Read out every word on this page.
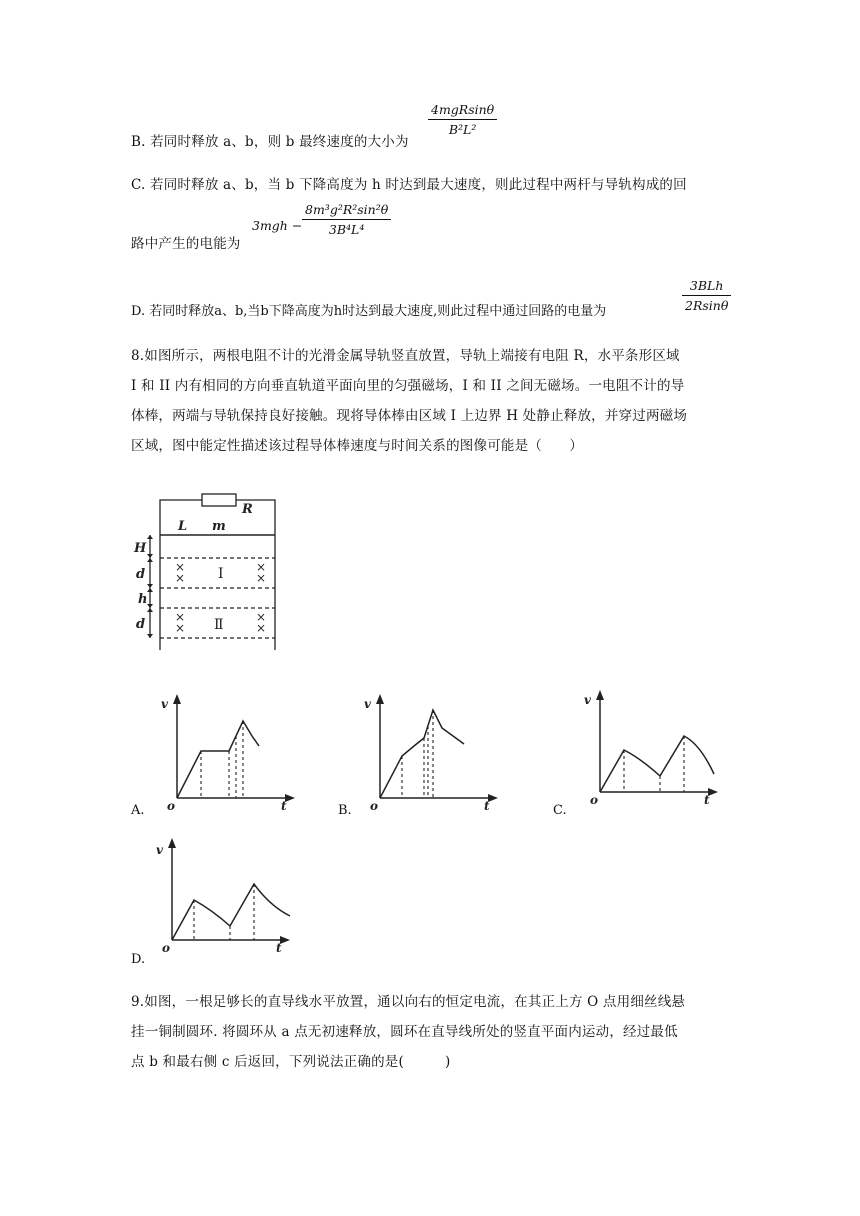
B. 若同时释放 a、b，则 b 最终速度的大小为
4mgRsinθ
B²L²
C. 若同时释放 a、b，当 b 下降高度为 h 时达到最大速度，则此过程中两杆与导轨构成的回
路中产生的电能为
$3mgh - \frac{\text{8m³g²R²sin²θ}}{\text{3B⁴L⁴}}$
D. 若同时释放a、b,当b下降高度为h时达到最大速度,则此过程中通过回路的电量为
3BLh
2Rsinθ
8.如图所示，两根电阻不计的光滑金属导轨竖直放置，导轨上端接有电阻 R，水平条形区域
I 和 II 内有相同的方向垂直轨道平面向里的匀强磁场，I 和 II 之间无磁场。一电阻不计的导
体棒，两端与导轨保持良好接触。现将导体棒由区域 I 上边界 H 处静止释放，并穿过两磁场
区域，图中能定性描述该过程导体棒速度与时间关系的图像可能是（　　）
R
L m
H
d
h
d
I
Ⅱ
×
×
×
×
×
×
×
×
v
o	t
A.
v
o	t
B.
v
o	t
C.
v
o	t
D.
9.如图，一根足够长的直导线水平放置，通以向右的恒定电流，在其正上方 O 点用细丝线悬
挂一铜制圆环. 将圆环从 a 点无初速释放，圆环在直导线所处的竖直平面内运动，经过最低
点 b 和最右侧 c 后返回，下列说法正确的是(　　　)
